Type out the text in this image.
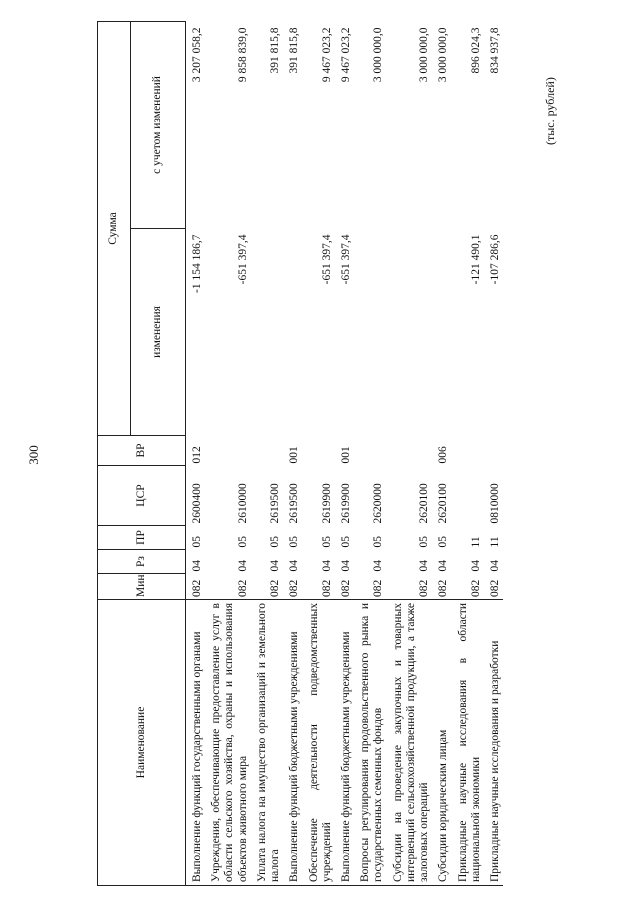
300
(тыс. рублей)
Наименование	Мин	Рз	ПР	ЦСР	ВР	Сумма	
						изменения	с учетом изменений
Выполнение функций государственными органами	082	04	05	2600400	012	-1 154 186,7	3 207 058,2
Учреждения, обеспечивающие предоставление услуг в области сельского хозяйства, охраны и использования объектов животного мира	082	04	05	2610000		-651 397,4	9 858 839,0
Уплата налога на имущество организаций и земельного налога	082	04	05	2619500			391 815,8
Выполнение функций бюджетными учреждениями	082	04	05	2619500	001		391 815,8
Обеспечение деятельности подведомственных учреждений	082	04	05	2619900		-651 397,4	9 467 023,2
Выполнение функций бюджетными учреждениями	082	04	05	2619900	001	-651 397,4	9 467 023,2
Вопросы регулирования продовольственного рынка и государственных семенных фондов	082	04	05	2620000			3 000 000,0
Субсидии на проведение закупочных и товарных интервенций сельскохозяйственной продукции, а также залоговых операций	082	04	05	2620100			3 000 000,0
Субсидии юридическим лицам	082	04	05	2620100	006		3 000 000,0
Прикладные научные исследования в области национальной экономики	082	04	11			-121 490,1	896 024,3
Прикладные научные исследования и разработки	082	04	11	0810000		-107 286,6	834 937,8
